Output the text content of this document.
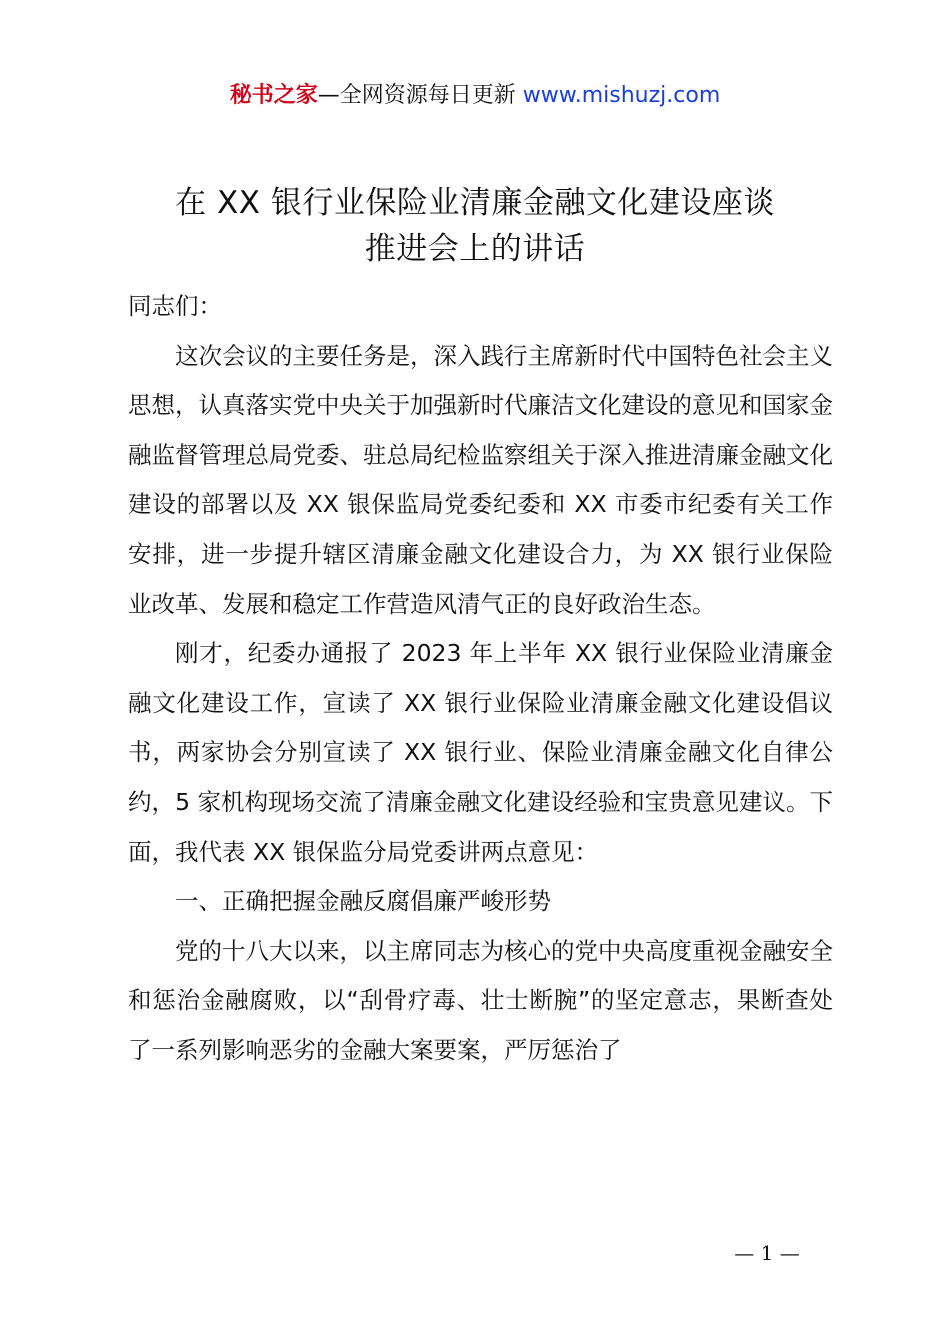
秘书之家—全网资源每日更新 www.mishuzj.com
在 XX 银行业保险业清廉金融文化建设座谈
推进会上的讲话

同志们：

这次会议的主要任务是，深入践行主席新时代中国特色社会主义思想，认真落实党中央关于加强新时代廉洁文化建设的意见和国家金融监督管理总局党委、驻总局纪检监察组关于深入推进清廉金融文化建设的部署以及 XX 银保监局党委纪委和 XX 市委市纪委有关工作安排，进一步提升辖区清廉金融文化建设合力，为 XX 银行业保险业改革、发展和稳定工作营造风清气正的良好政治生态。

刚才，纪委办通报了 2023 年上半年 XX 银行业保险业清廉金融文化建设工作，宣读了 XX 银行业保险业清廉金融文化建设倡议书，两家协会分别宣读了 XX 银行业、保险业清廉金融文化自律公约，5 家机构现场交流了清廉金融文化建设经验和宝贵意见建议。下面，我代表 XX 银保监分局党委讲两点意见：

一、正确把握金融反腐倡廉严峻形势

党的十八大以来，以主席同志为核心的党中央高度重视金融安全和惩治金融腐败，以“刮骨疗毒、壮士断腕”的坚定意志，果断查处了一系列影响恶劣的金融大案要案，严厉惩治了

— 1 —
